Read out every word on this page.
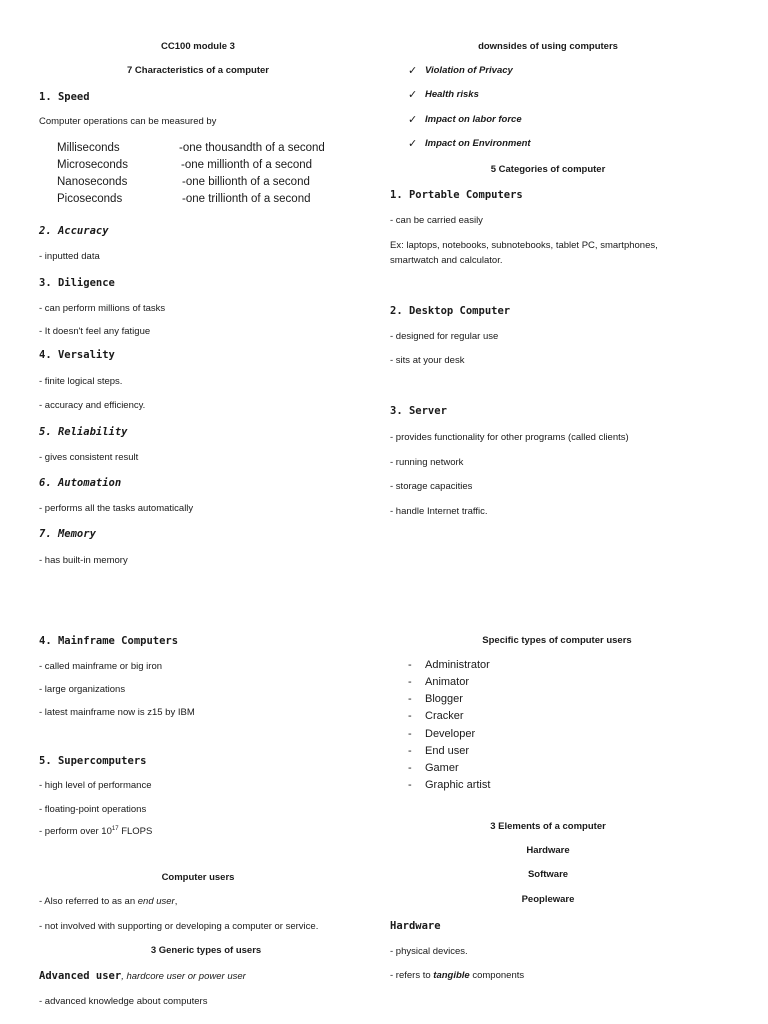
CC100 module 3
7 Characteristics of a computer
1. Speed
Computer operations can be measured by
Milliseconds	-one thousandth of a second
Microseconds	-one millionth of a second
Nanoseconds	-one billionth of a second
Picoseconds	-one trillionth of a second
2. Accuracy
- inputted data
3. Diligence
- can perform millions of tasks
- It doesn't feel any fatigue
4. Versality
- finite logical steps.
- accuracy and efficiency.
5. Reliability
- gives consistent result
6. Automation
- performs all the tasks automatically
7. Memory
- has built-in memory
4. Mainframe Computers
- called mainframe or big iron
- large organizations
- latest mainframe now is z15 by IBM
5. Supercomputers
- high level of performance
- floating-point operations
- perform over $10^{17}$ FLOPS
Computer users
- Also referred to as an end user,
- not involved with supporting or developing a computer or service.
3 Generic types of users
Advanced user, hardcore user or power user
- advanced knowledge about computers
downsides of using computers
✓ Violation of Privacy
✓ Health risks
✓ Impact on labor force
✓ Impact on Environment
5 Categories of computer
1. Portable Computers
- can be carried easily
Ex: laptops, notebooks, subnotebooks, tablet PC, smartphones,
smartwatch and calculator.
2. Desktop Computer
- designed for regular use
- sits at your desk
3. Server
- provides functionality for other programs (called clients)
- running network
- storage capacities
- handle Internet traffic.
Specific types of computer users
- Administrator
- Animator
- Blogger
- Cracker
- Developer
- End user
- Gamer
- Graphic artist
3 Elements of a computer
Hardware
Software
Peopleware
Hardware
- physical devices.
- refers to tangible components
